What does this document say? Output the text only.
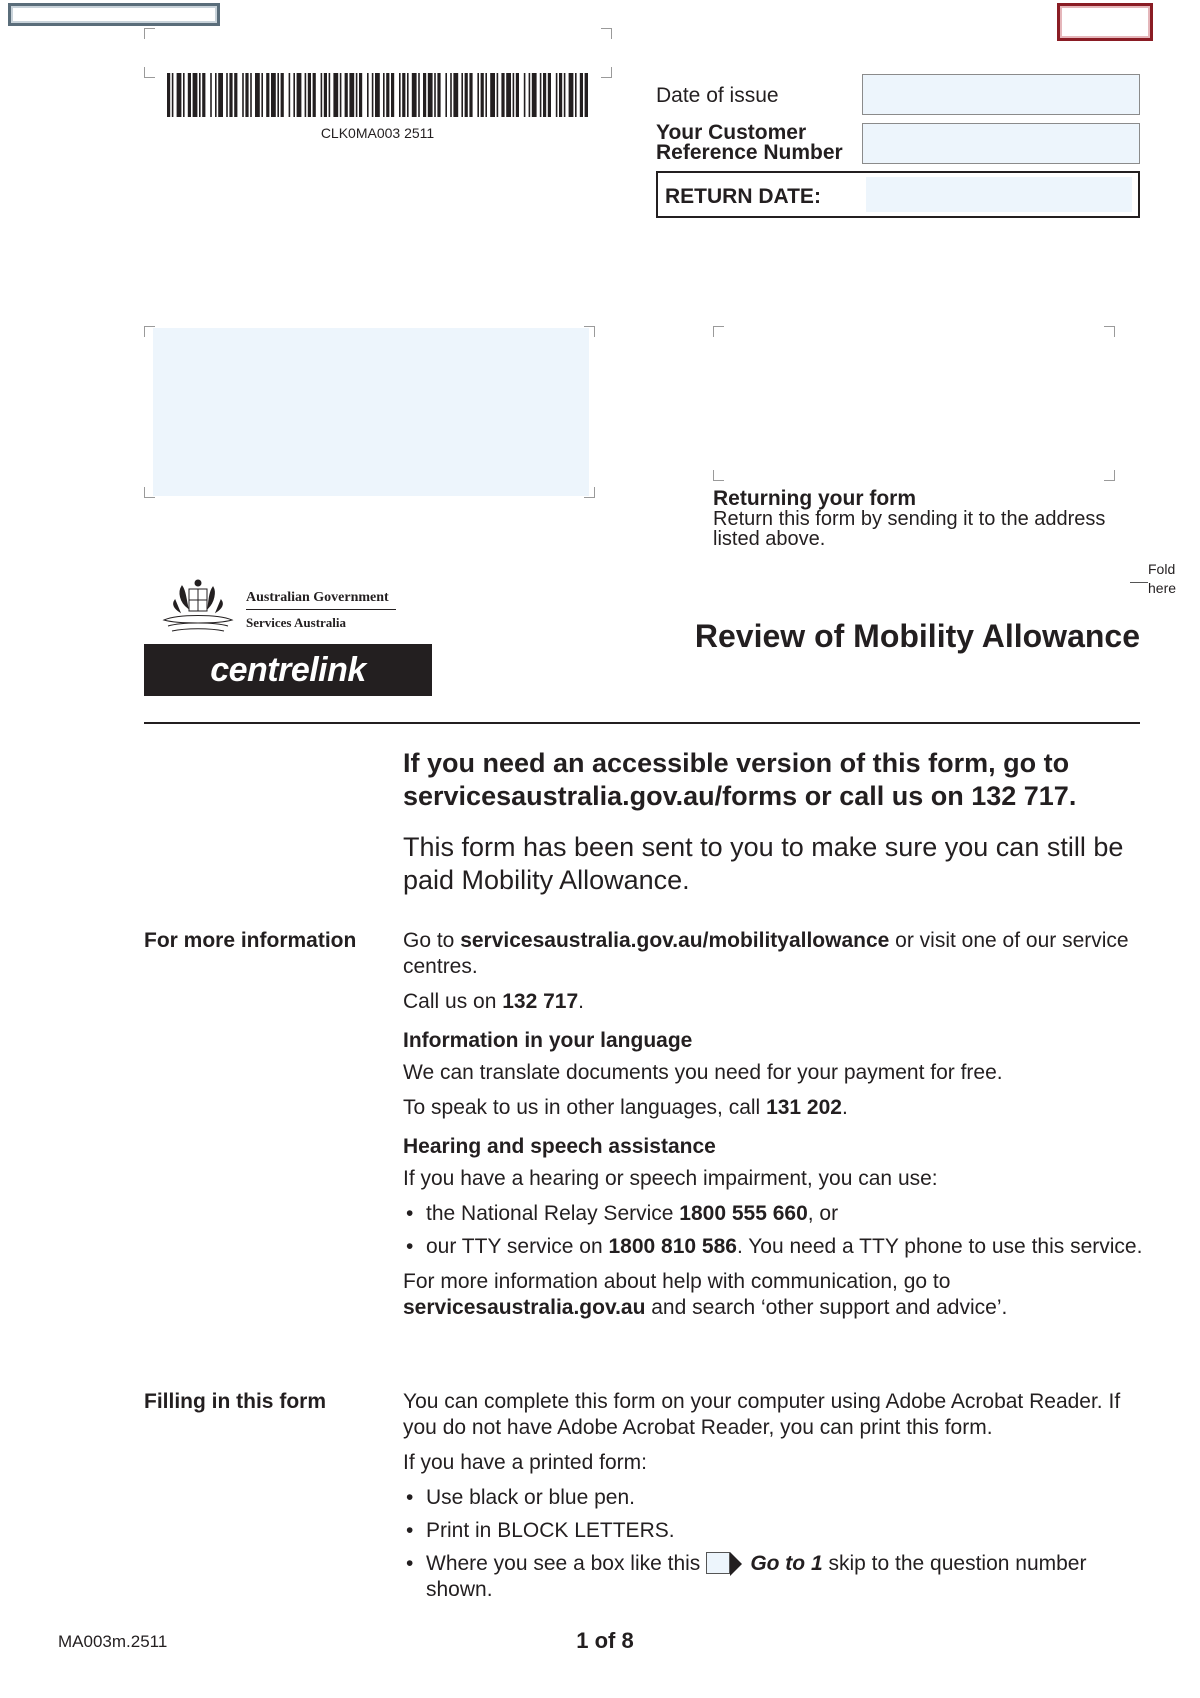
CLK0MA003 2511
Date of issue
Your Customer
Reference Number
RETURN DATE:
Returning your form
Return this form by sending it to the address listed above.
Fold
here
Australian Government
Services Australia
centrelink
Review of Mobility Allowance
If you need an accessible version of this form, go to servicesaustralia.gov.au/forms or call us on 132 717.
This form has been sent to you to make sure you can still be paid Mobility Allowance.
For more information Go to servicesaustralia.gov.au/mobilityallowance or visit one of our service centres.

Call us on 132 717.

Information in your language

We can translate documents you need for your payment for free.

To speak to us in other languages, call 131 202.

Hearing and speech assistance

If you have a hearing or speech impairment, you can use:

• the National Relay Service 1800 555 660, or
• our TTY service on 1800 810 586. You need a TTY phone to use this service.

For more information about help with communication, go to servicesaustralia.gov.au and search ‘other support and advice’.

Filling in this form	You can complete this form on your computer using Adobe Acrobat Reader. If you do not have Adobe Acrobat Reader, you can print this form.

If you have a printed form:

• Use black or blue pen.
• Print in BLOCK LETTERS.
• Where you see a box like this Go to 1 skip to the question number shown.
MA003m.2511	1 of 8
